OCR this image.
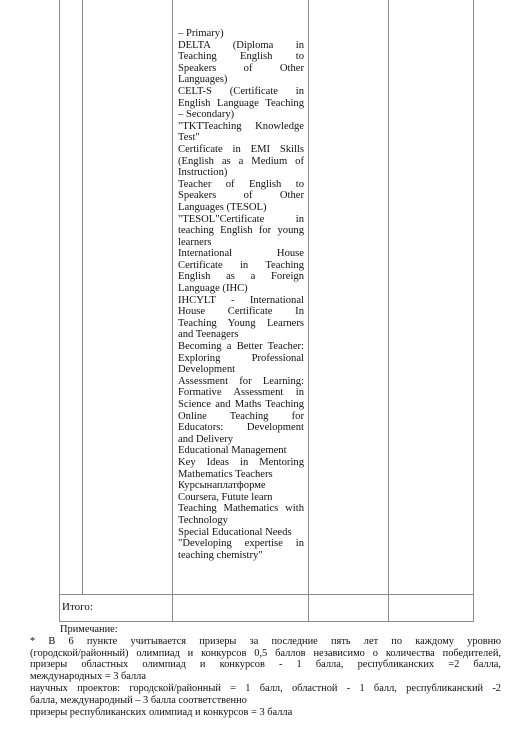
– Primary)
DELTA (Diploma in
Teaching English to
Speakers of Other
Languages)
CELT-S (Certificate in
English Language Teaching
– Secondary)
"TKTTeaching Knowledge
Test"
Certificate in EMI Skills
(English as a Medium of
Instruction)
Teacher of English to
Speakers of Other
Languages (TESOL)
"TESOL"Certificate in
teaching English for young
learners
International House
Certificate in Teaching
English as a Foreign
Language (IHC)
IHCYLT - International
House Certificate In
Teaching Young Learners
and Teenagers
Becoming a Better Teacher:
Exploring Professional
Development
Assessment for Learning:
Formative Assessment in
Science and Maths Teaching
Online Teaching for
Educators: Development
and Delivery
Educational Management
Key Ideas in Mentoring
Mathematics Teachers
Курсынаплатформе
Coursera, Futute learn
Teaching Mathematics with
Technology
Special Educational Needs
"Developing expertise in
teaching chemistry"
Итого:
Примечание:
* В 6 пункте учитывается призеры за последние пять лет по каждому уровню
(городской/районный) олимпиад и конкурсов 0,5 баллов независимо о количества победителей,
призеры областных олимпиад и конкурсов - 1 балла, республиканских =2 балла,
международных = 3 балла
научных проектов: городской/районный = 1 балл, областной - 1 балл, республиканский -2
балла, международный – 3 балла соответственно
призеры республиканских олимпиад и конкурсов = 3 балла
